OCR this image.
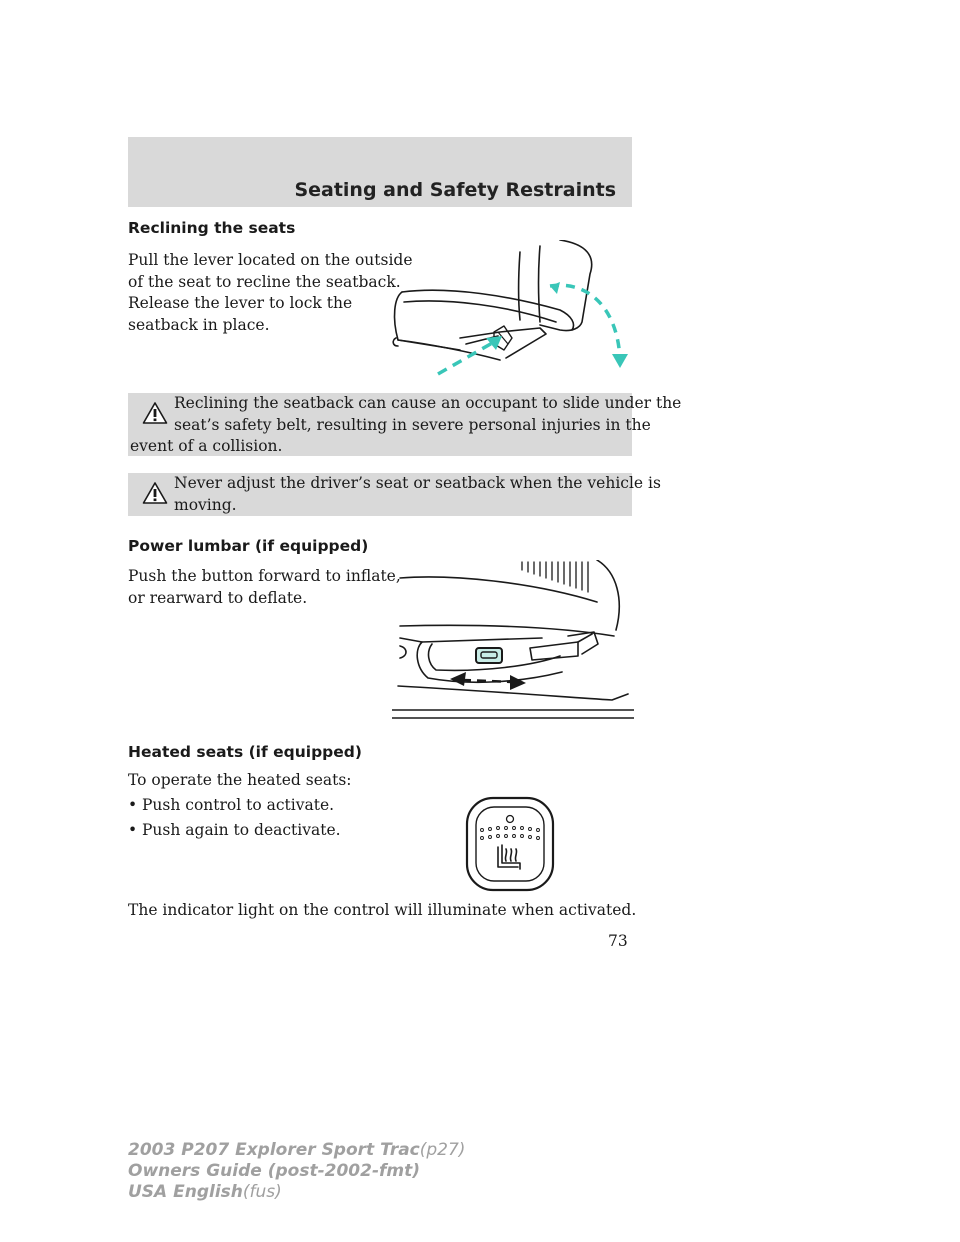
Seating and Safety Restraints
Reclining the seats
Pull the lever located on the outside
of the seat to recline the seatback.
Release the lever to lock the
seatback in place.
Reclining the seatback can cause an occupant to slide under the
seat’s safety belt, resulting in severe personal injuries in the
event of a collision.
Never adjust the driver’s seat or seatback when the vehicle is
moving.
Power lumbar (if equipped)
Push the button forward to inflate,
or rearward to deflate.
Heated seats (if equipped)
To operate the heated seats:
• Push control to activate.
• Push again to deactivate.
The indicator light on the control will illuminate when activated.
73
2003 P207 Explorer Sport Trac(p27)
Owners Guide (post-2002-fmt)
USA English(fus)
